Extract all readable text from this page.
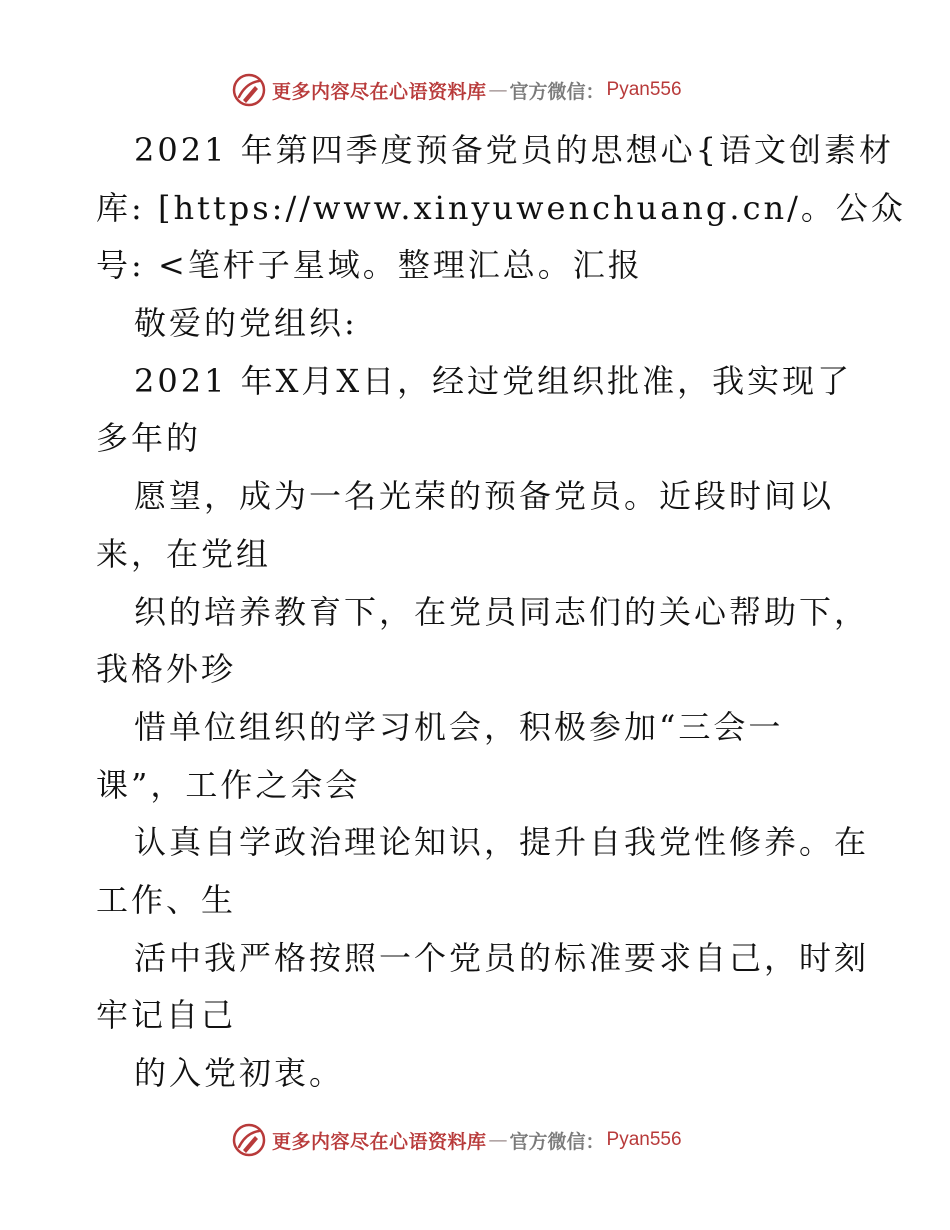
更多内容尽在心语资料库 — 官方微信： Pyan556
2021 年第四季度预备党员的思想心{语文创素材
库: [https://www.xinyuwenchuang.cn/。公众
号: <笔杆子星域。整理汇总。汇报
敬爱的党组织:
2021 年X月X日，经过党组织批准，我实现了
多年的
愿望，成为一名光荣的预备党员。近段时间以
来，在党组
织的培养教育下，在党员同志们的关心帮助下，
我格外珍
惜单位组织的学习机会，积极参加“三会一
课”，工作之余会
认真自学政治理论知识，提升自我党性修养。在
工作、生
活中我严格按照一个党员的标准要求自己，时刻
牢记自己
的入党初衷。
更多内容尽在心语资料库 — 官方微信： Pyan556
